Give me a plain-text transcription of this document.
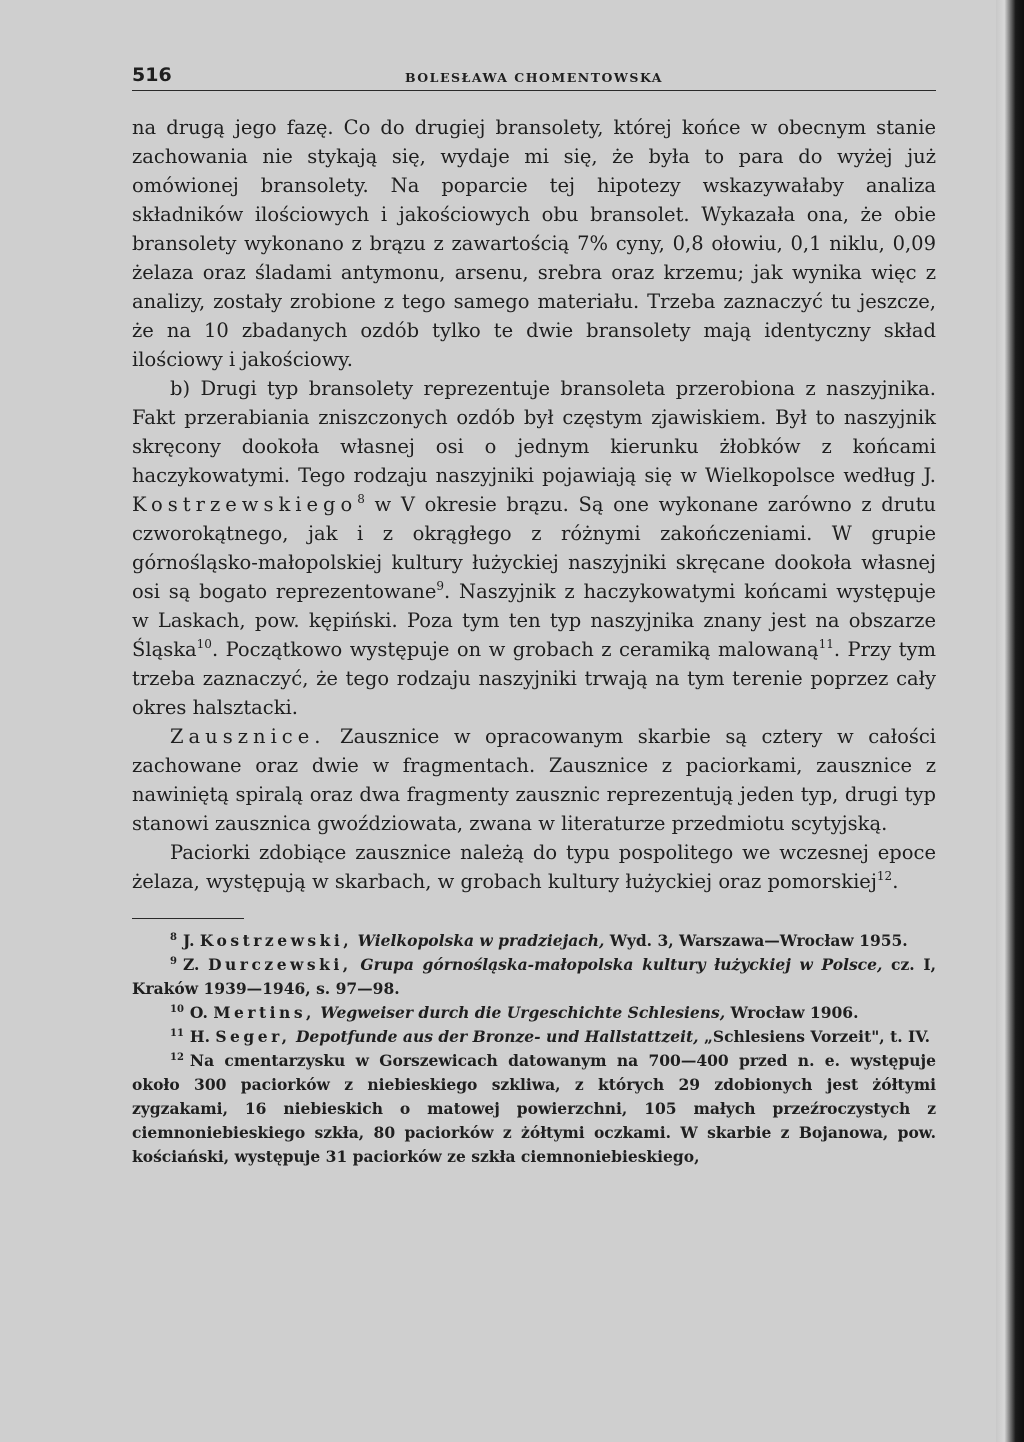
516	BOLESŁAWA CHOMENTOWSKA

na drugą jego fazę. Co do drugiej bransolety, której końce w obecnym stanie zachowania nie stykają się, wydaje mi się, że była to para do wyżej już omówionej bransolety. Na poparcie tej hipotezy wskazywałaby analiza składników ilościowych i jakościowych obu bransolet. Wykazała ona, że obie bransolety wykonano z brązu z zawartością 7% cyny, 0,8 ołowiu, 0,1 niklu, 0,09 żelaza oraz śladami antymonu, arsenu, srebra oraz krzemu; jak wynika więc z analizy, zostały zrobione z tego samego materiału. Trzeba zaznaczyć tu jeszcze, że na 10 zbadanych ozdób tylko te dwie bransolety mają identyczny skład ilościowy i jakościowy.

b) Drugi typ bransolety reprezentuje bransoleta przerobiona z naszyjnika. Fakt przerabiania zniszczonych ozdób był częstym zjawiskiem. Był to naszyjnik skręcony dookoła własnej osi o jednym kierunku żłobków z końcami haczykowatymi. Tego rodzaju naszyjniki pojawiają się w Wielkopolsce według J. Kostrzewskiego$^8$ w V okresie brązu. Są one wykonane zarówno z drutu czworokątnego, jak i z okrągłego z różnymi zakończeniami. W grupie górnośląsko-małopolskiej kultury łużyckiej naszyjniki skręcane dookoła własnej osi są bogato reprezentowane$^9$. Naszyjnik z haczykowatymi końcami występuje w Laskach, pow. kępiński. Poza tym ten typ naszyjnika znany jest na obszarze Śląska$^{10}$. Początkowo występuje on w grobach z ceramiką malowaną$^{11}$. Przy tym trzeba zaznaczyć, że tego rodzaju naszyjniki trwają na tym terenie poprzez cały okres halsztacki.

Zausznice. Zausznice w opracowanym skarbie są cztery w całości zachowane oraz dwie w fragmentach. Zausznice z paciorkami, zausznice z nawiniętą spiralą oraz dwa fragmenty zausznic reprezentują jeden typ, drugi typ stanowi zausznica gwoździowata, zwana w literaturze przedmiotu scytyjską.

Paciorki zdobiące zausznice należą do typu pospolitego we wczesnej epoce żelaza, występują w skarbach, w grobach kultury łużyckiej oraz pomorskiej$^{12}$.

$^8$ J. Kostrzewski, Wielkopolska w pradziejach, Wyd. 3, Warszawa—Wrocław 1955.

$^9$ Z. Durczewski, Grupa górnośląska-małopolska kultury łużyckiej w Polsce, cz. I, Kraków 1939—1946, s. 97—98.

$^{10}$ O. Mertins, Wegweiser durch die Urgeschichte Schlesiens, Wrocław 1906.

$^{11}$ H. Seger, Depotfunde aus der Bronze- und Hallstattzeit, „Schlesiens Vorzeit", t. IV.

$^{12}$ Na cmentarzysku w Gorszewicach datowanym na 700—400 przed n. e. występuje około 300 paciorków z niebieskiego szkliwa, z których 29 zdobionych jest żółtymi zygzakami, 16 niebieskich o matowej powierzchni, 105 małych przeźroczystych z ciemnoniebieskiego szkła, 80 paciorków z żółtymi oczkami. W skarbie z Bojanowa, pow. kościański, występuje 31 paciorków ze szkła ciemnoniebieskiego,
